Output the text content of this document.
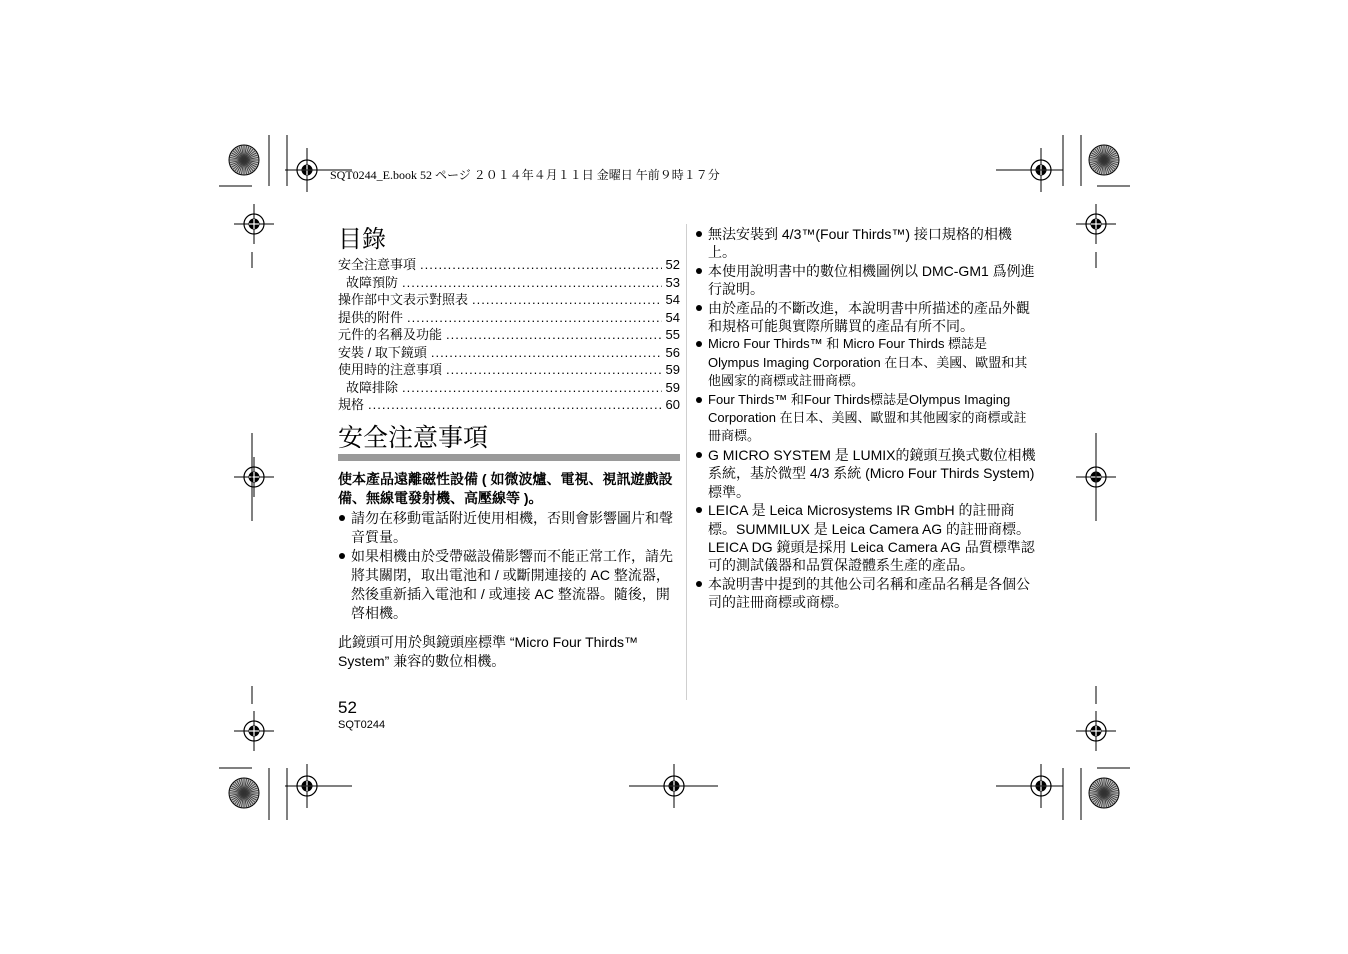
SQT0244_E.book 52 ページ ２０１４年４月１１日 金曜日 午前９時１７分
目錄
安全注意事項 .....	52
故障預防 .....	53
操作部中文表示對照表 .....	54
提供的附件 .....	54
元件的名稱及功能 .....	55
安裝 / 取下鏡頭 .....	56
使用時的注意事項 .....	59
故障排除 .....	59
規格 .....	60
安全注意事項
使本產品遠離磁性設備 ( 如微波爐、電視、視訊遊戲設備、無線電發射機、高壓線等 )。
請勿在移動電話附近使用相機，否則會影響圖片和聲音質量。
如果相機由於受帶磁設備影響而不能正常工作，請先將其關閉，取出電池和 / 或斷開連接的 AC 整流器，然後重新插入電池和 / 或連接 AC 整流器。隨後，開啓相機。
此鏡頭可用於與鏡頭座標準 “Micro Four Thirds™ System” 兼容的數位相機。
無法安裝到 4/3™(Four Thirds™) 接口規格的相機上。
本使用說明書中的數位相機圖例以 DMC-GM1 爲例進行說明。
由於產品的不斷改進，本說明書中所描述的產品外觀和規格可能與實際所購買的產品有所不同。
Micro Four Thirds™ 和 Micro Four Thirds 標誌是 Olympus Imaging Corporation 在日本、美國、歐盟和其他國家的商標或註冊商標。
Four Thirds™ 和Four Thirds標誌是Olympus Imaging Corporation 在日本、美國、歐盟和其他國家的商標或註冊商標。
G MICRO SYSTEM 是 LUMIX的鏡頭互換式數位相機系統，基於微型 4/3 系統 (Micro Four Thirds System) 標準。
LEICA 是 Leica Microsystems IR GmbH 的註冊商標。SUMMILUX 是 Leica Camera AG 的註冊商標。LEICA DG 鏡頭是採用 Leica Camera AG 品質標準認可的測試儀器和品質保證體系生產的產品。
本說明書中提到的其他公司名稱和產品名稱是各個公司的註冊商標或商標。
52
SQT0244
